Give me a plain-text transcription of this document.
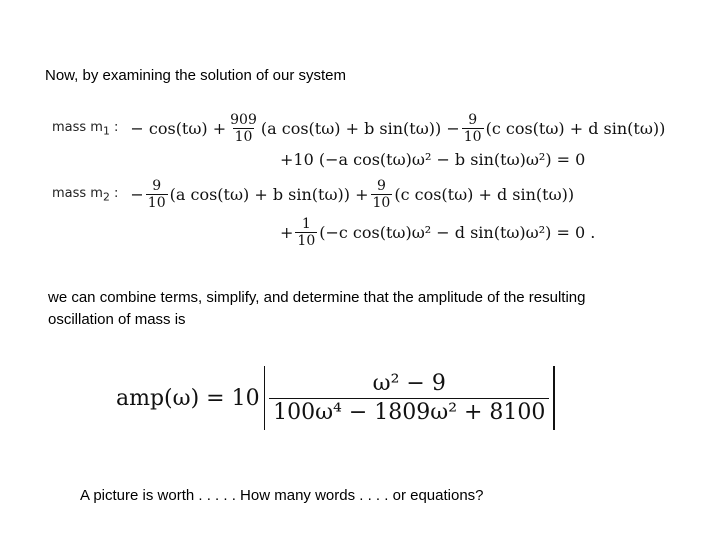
Now, by examining the solution of our system
mass $m_1$ : − $\cos(t\omega) + \frac{909}{10} (a$ cos(tω) + b $\sin(t\omega)) - \frac{9}{10} (c$ cos(tω) + d sin(tω))
+10 (−a cos(tω)ω² − b sin(tω)ω²) = 0
mass $m_2$ : − $\frac{9}{10} (a$ cos(tω) + b $\sin(t\omega)) + \frac{9}{10} (c$ cos(tω) + d sin(tω))
+ $\frac{1}{10} (-c$ cos(tω)ω² − d sin(tω)ω²) = 0 .
we can combine terms, simplify, and determine that the amplitude of the resulting
oscillation of mass is
$amp(\omega) = 10 \frac{\text{ω² − 9}}{\text{100ω⁴ − 1809ω² + 8100}}$
A picture is worth . . . . . How many words . . . . or equations?
